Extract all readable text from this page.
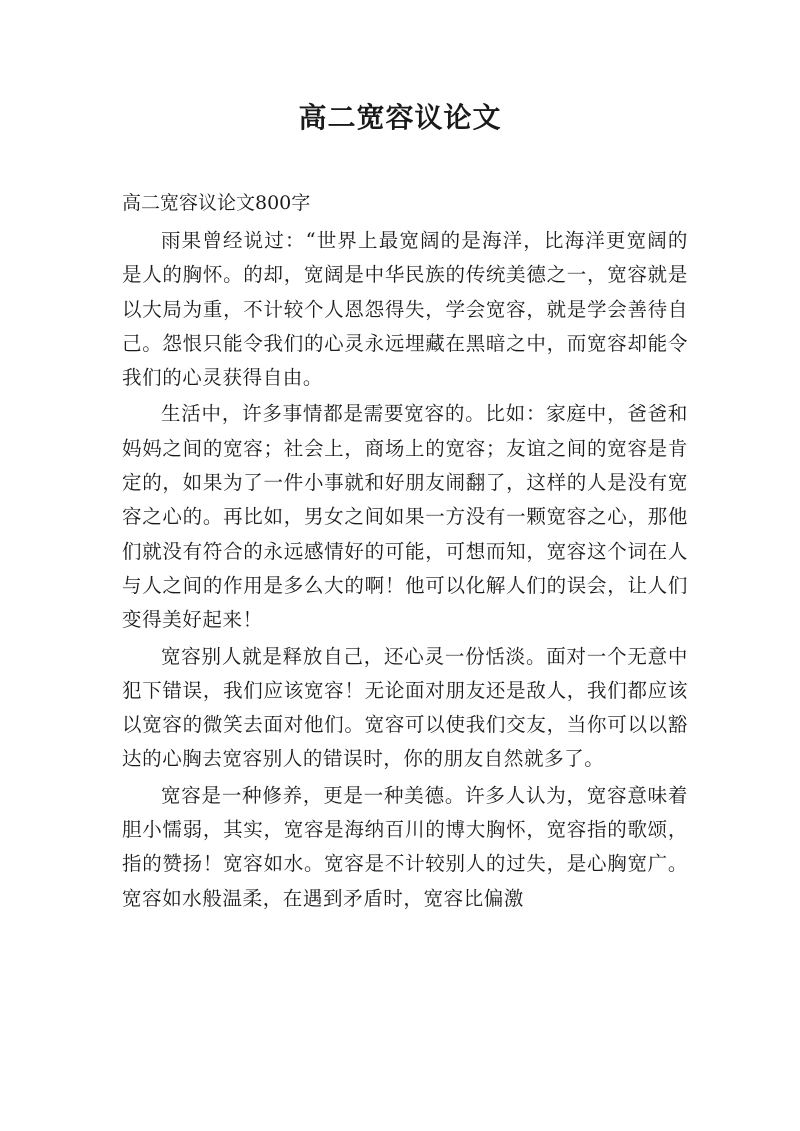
高二宽容议论文
高二宽容议论文800字

雨果曾经说过：“世界上最宽阔的是海洋，比海洋更宽阔的是人的胸怀。的却，宽阔是中华民族的传统美德之一，宽容就是以大局为重，不计较个人恩怨得失，学会宽容，就是学会善待自己。怨恨只能令我们的心灵永远埋藏在黑暗之中，而宽容却能令我们的心灵获得自由。

生活中，许多事情都是需要宽容的。比如：家庭中，爸爸和妈妈之间的宽容；社会上，商场上的宽容；友谊之间的宽容是肯定的，如果为了一件小事就和好朋友闹翻了，这样的人是没有宽容之心的。再比如，男女之间如果一方没有一颗宽容之心，那他们就没有符合的永远感情好的可能，可想而知，宽容这个词在人与人之间的作用是多么大的啊！他可以化解人们的误会，让人们变得美好起来！

宽容别人就是释放自己，还心灵一份恬淡。面对一个无意中犯下错误，我们应该宽容！无论面对朋友还是敌人，我们都应该以宽容的微笑去面对他们。宽容可以使我们交友，当你可以以豁达的心胸去宽容别人的错误时，你的朋友自然就多了。

宽容是一种修养，更是一种美德。许多人认为，宽容意味着胆小懦弱，其实，宽容是海纳百川的博大胸怀，宽容指的歌颂，指的赞扬！宽容如水。宽容是不计较别人的过失，是心胸宽广。宽容如水般温柔，在遇到矛盾时，宽容比偏激
